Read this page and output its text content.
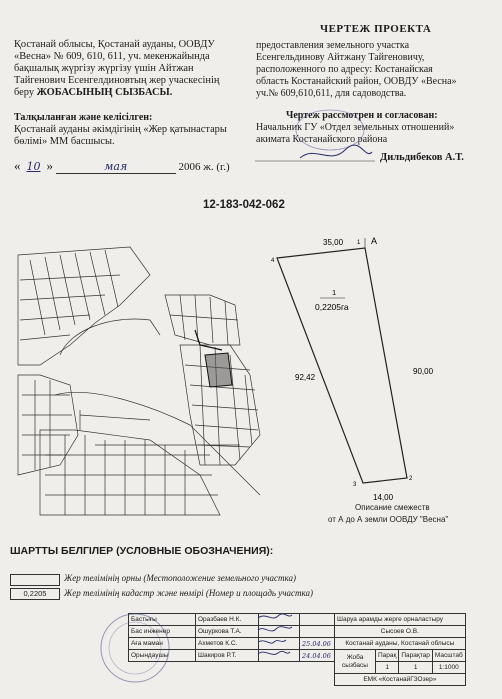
Қостанай облысы, Қостанай ауданы, ООВДУ
«Весна» № 609, 610, 611, уч. мекенжайында
бақшалық жүргізу жүргізу үшін Айтжан
Тайгенович Есенгелдиновтың жер учаскесінің
беру ЖОБАСЫНЫҢ СЫЗБАСЫ.
Талқыланған және келісілген:
Қостанай ауданы әкімдігінің «Жер қатынастары
бөлімі» ММ басшысы.
ЧЕРТЕЖ ПРОЕКТА
предоставления земельного участка
Есенгельдинову Айтжану Тайгеновичу,
расположенного по адресу: Костанайская
область Костанайский район, ООВДУ «Весна»
уч.№ 609,610,611, для садоводства.
Чертеж рассмотрен и согласован:
Начальник ГУ «Отдел земельных отношений»
акимата Костанайского района
Дильдибеков А.Т.
« 10 »	мая	2006 ж. (г.)
12-183-042-062
35,00
90,00
92,42
14,00
1
0,2205га
А
1
2
3
4
Описание смежеств
от А до А земли ООВДУ "Весна"
ШАРТТЫ БЕЛГІЛЕР (УСЛОВНЫЕ ОБОЗНАЧЕНИЯ):
Жер телімінің орны (Местоположение земельного участка)
0,2205	Жер телімінің кадастр және нөмірі (Номер и площадь участка)
Бастығы	Оразбаев Н.К.			Шаруа арамды жерге орналастыру			
Бас инженер	Ошуркова Т.А.			Сысоев О.В.			
Аға маман	Ахметов К.С.		25.04.06	Костанай ауданы, Костанай облысы			
Орындаушы	Шакиров Р.Т.		24.04.06	Жоба сызбасы	Парақ	Парақтар	Масштаб
					1	1	1:1000
				ЕМК «КостанайГЗОзер»			
